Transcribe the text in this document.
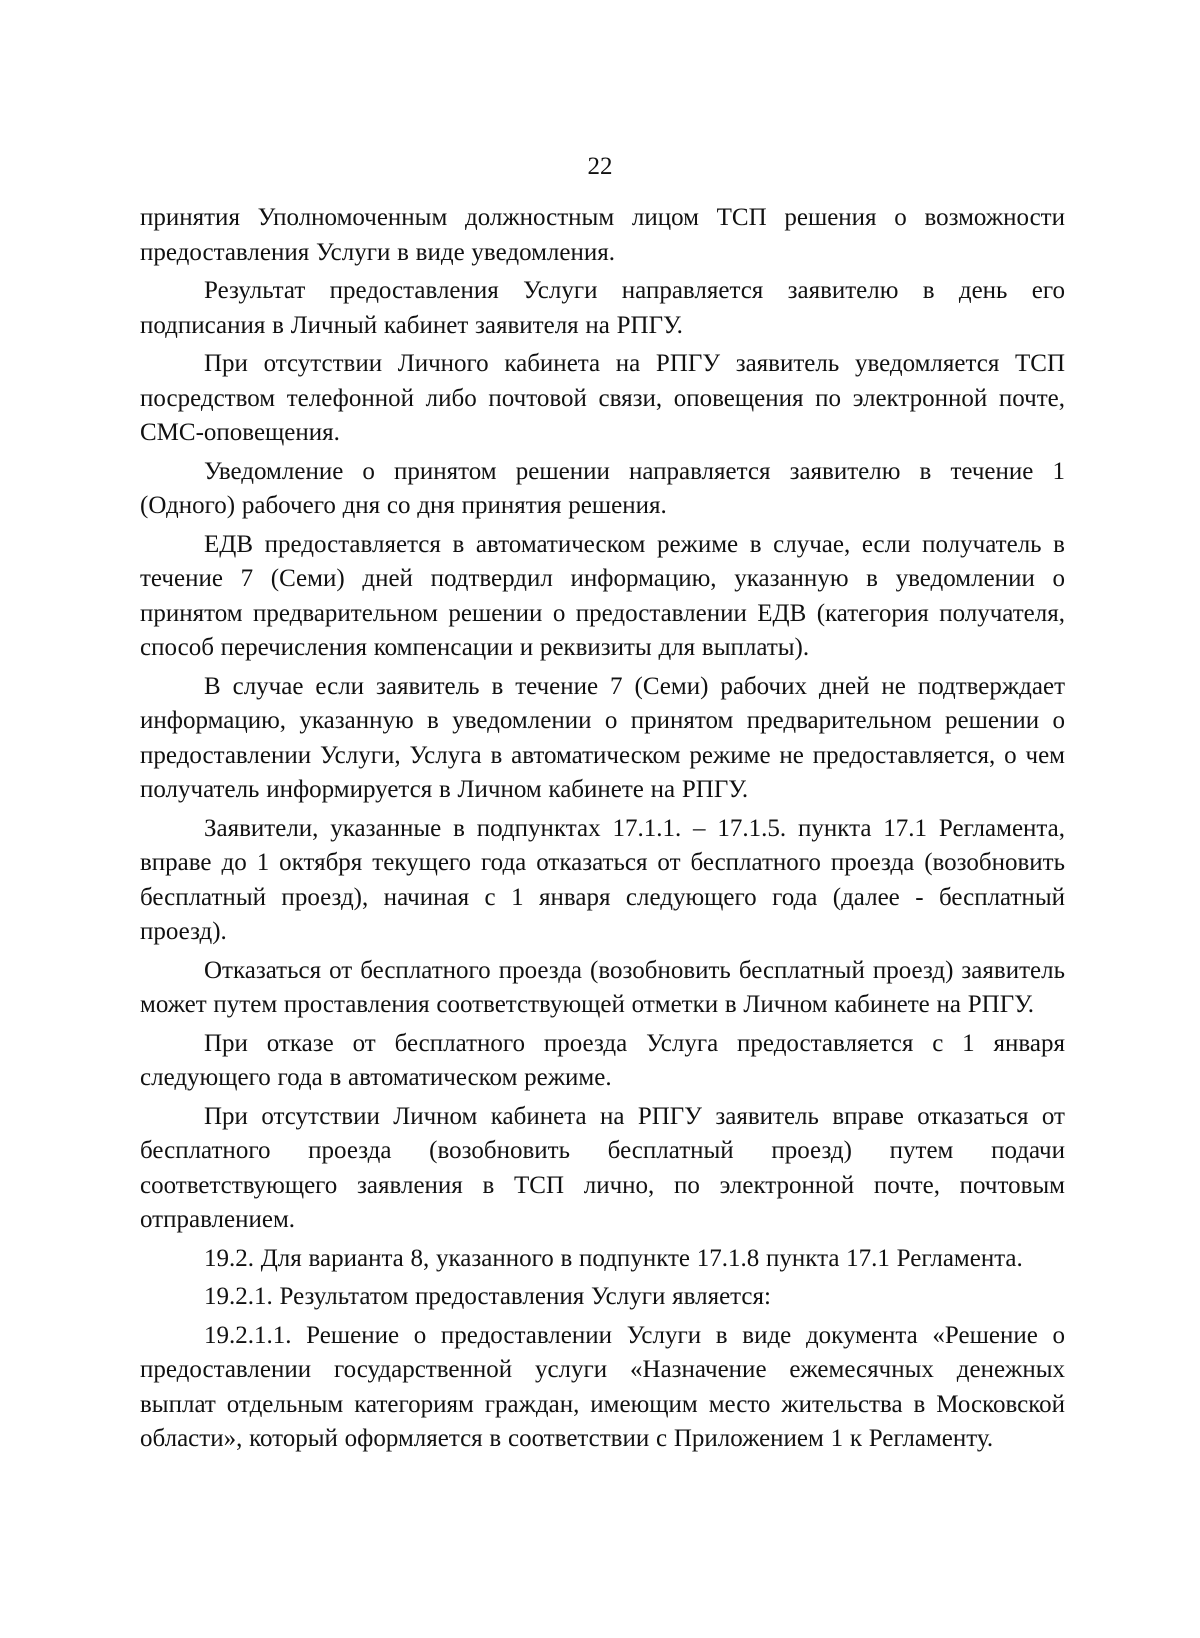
22

принятия Уполномоченным должностным лицом ТСП решения о возможности предоставления Услуги в виде уведомления.

Результат предоставления Услуги направляется заявителю в день его подписания в Личный кабинет заявителя на РПГУ.

При отсутствии Личного кабинета на РПГУ заявитель уведомляется ТСП посредством телефонной либо почтовой связи, оповещения по электронной почте, СМС-оповещения.

Уведомление о принятом решении направляется заявителю в течение 1 (Одного) рабочего дня со дня принятия решения.

ЕДВ предоставляется в автоматическом режиме в случае, если получатель в течение 7 (Семи) дней подтвердил информацию, указанную в уведомлении о принятом предварительном решении о предоставлении ЕДВ (категория получателя, способ перечисления компенсации и реквизиты для выплаты).

В случае если заявитель в течение 7 (Семи) рабочих дней не подтверждает информацию, указанную в уведомлении о принятом предварительном решении о предоставлении Услуги, Услуга в автоматическом режиме не предоставляется, о чем получатель информируется в Личном кабинете на РПГУ.

Заявители, указанные в подпунктах 17.1.1. – 17.1.5. пункта 17.1 Регламента, вправе до 1 октября текущего года отказаться от бесплатного проезда (возобновить бесплатный проезд), начиная с 1 января следующего года (далее - бесплатный проезд).

Отказаться от бесплатного проезда (возобновить бесплатный проезд) заявитель может путем проставления соответствующей отметки в Личном кабинете на РПГУ.

При отказе от бесплатного проезда Услуга предоставляется с 1 января следующего года в автоматическом режиме.

При отсутствии Личном кабинета на РПГУ заявитель вправе отказаться от бесплатного проезда (возобновить бесплатный проезд) путем подачи соответствующего заявления в ТСП лично, по электронной почте, почтовым отправлением.

19.2. Для варианта 8, указанного в подпункте 17.1.8 пункта 17.1 Регламента.

19.2.1. Результатом предоставления Услуги является:

19.2.1.1. Решение о предоставлении Услуги в виде документа «Решение о предоставлении государственной услуги «Назначение ежемесячных денежных выплат отдельным категориям граждан, имеющим место жительства в Московской области», который оформляется в соответствии с Приложением 1 к Регламенту.
